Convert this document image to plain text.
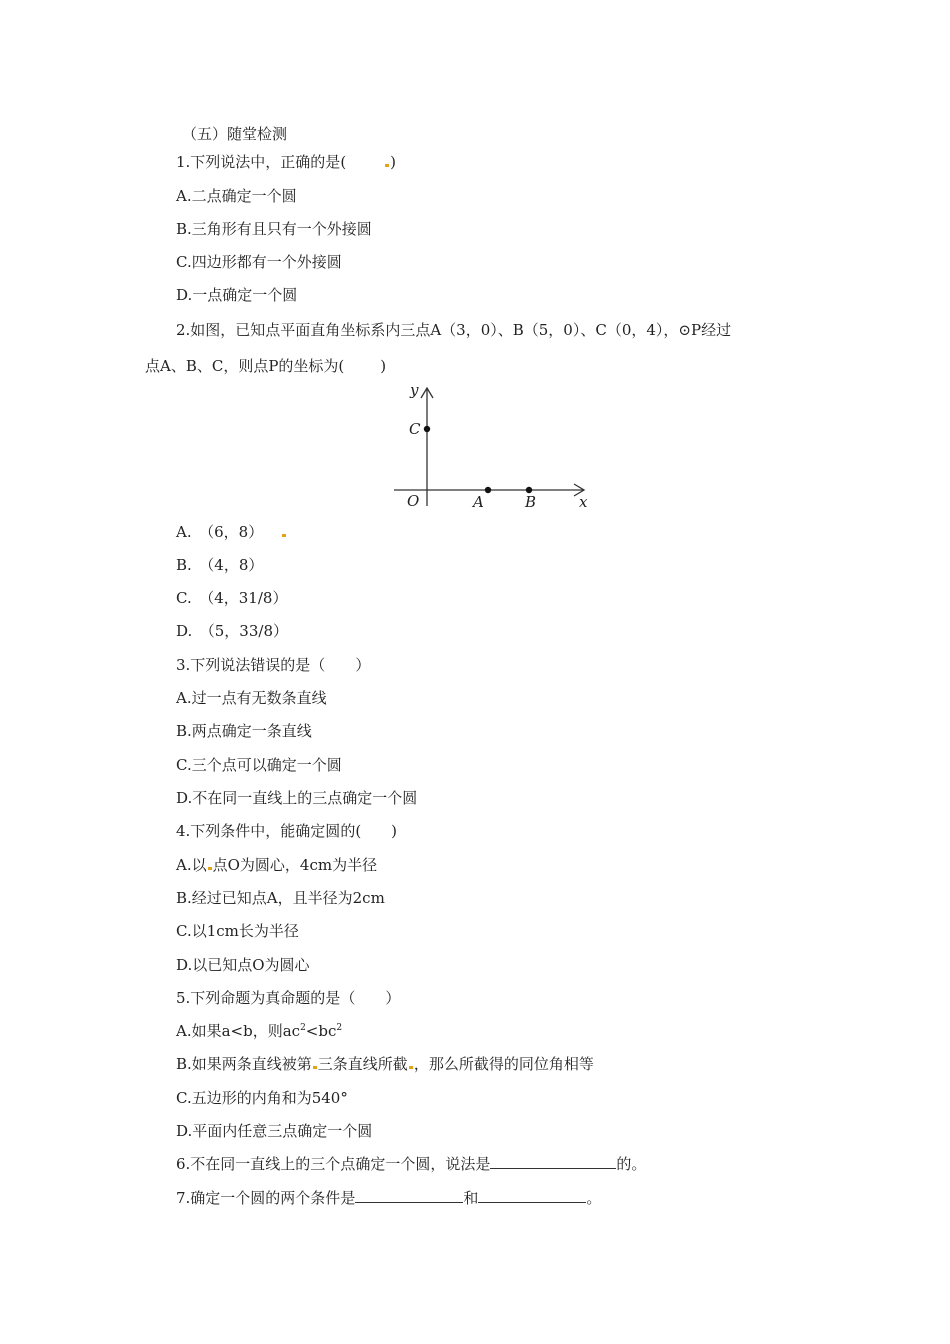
（五）随堂检测
1.下列说法中，正确的是(	)
A.二点确定一个圆
B.三角形有且只有一个外接圆
C.四边形都有一个外接圆
D.一点确定一个圆
2.如图，已知点平面直角坐标系内三点A（3，0）、B（5，0）、C（0，4），⊙P经过
点A、B、C，则点P的坐标为( )
y
x
O
C
A	B
A.　（6，8）
B.　（4，8）
C.　（4，31/8）
D.　（5，33/8）
3.下列说法错误的是（　　）
A.过一点有无数条直线
B.两点确定一条直线
C.三个点可以确定一个圆
D.不在同一直线上的三点确定一个圆
4.下列条件中，能确定圆的(　　)
A.以 点O为圆心，4cm为半径
B.经过已知点A，且半径为2cm
C.以1cm长为半径
D.以已知点O为圆心
5.下列命题为真命题的是（　　）
A.如果a<b，则$ac^2<bc^2$
B.如果两条直线被第 三条直线所截 ，那么所截得的同位角相等
C.五边形的内角和为540°
D.平面内任意三点确定一个圆
6.不在同一直线上的三个点确定一个圆，说法是	的。
7.确定一个圆的两个条件是	和	。
